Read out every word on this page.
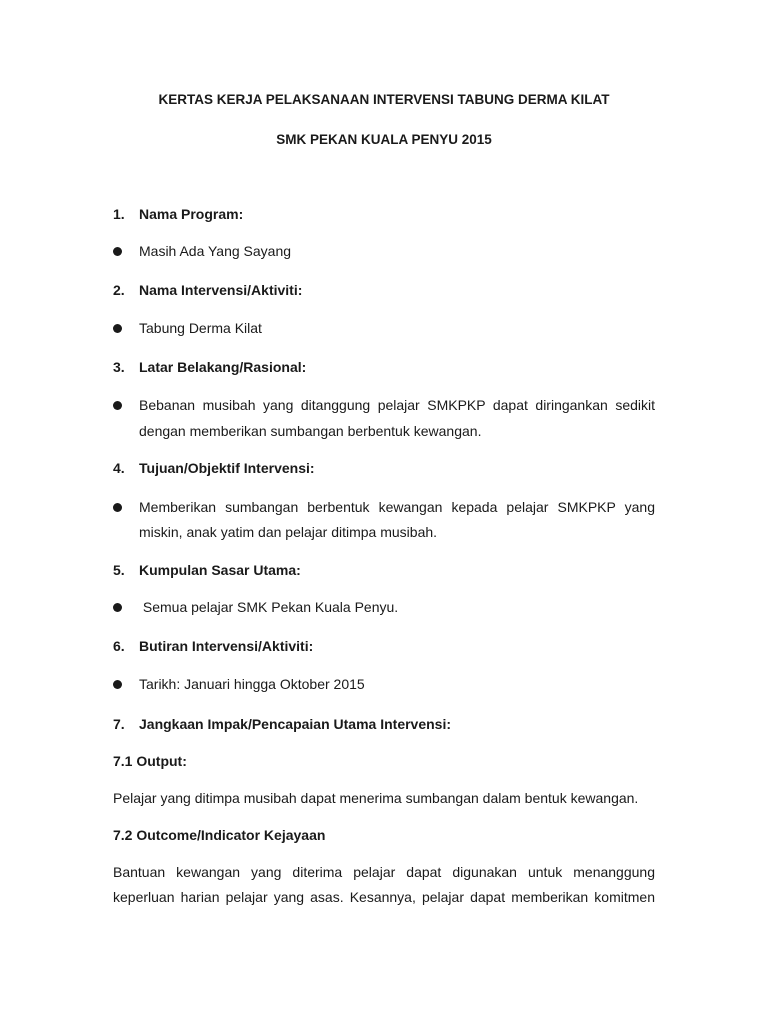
KERTAS KERJA PELAKSANAAN INTERVENSI TABUNG DERMA KILAT
SMK PEKAN KUALA PENYU 2015
1. Nama Program:
Masih Ada Yang Sayang
2. Nama Intervensi/Aktiviti:
Tabung Derma Kilat
3. Latar Belakang/Rasional:
Bebanan musibah yang ditanggung pelajar SMKPKP dapat diringankan sedikit
dengan memberikan sumbangan berbentuk kewangan.
4. Tujuan/Objektif Intervensi:
Memberikan sumbangan berbentuk kewangan kepada pelajar SMKPKP yang
miskin, anak yatim dan pelajar ditimpa musibah.
5. Kumpulan Sasar Utama:
Semua pelajar SMK Pekan Kuala Penyu.
6. Butiran Intervensi/Aktiviti:
Tarikh: Januari hingga Oktober 2015
7. Jangkaan Impak/Pencapaian Utama Intervensi:
7.1 Output:
Pelajar yang ditimpa musibah dapat menerima sumbangan dalam bentuk kewangan.
7.2 Outcome/Indicator Kejayaan
Bantuan kewangan yang diterima pelajar dapat digunakan untuk menanggung
keperluan harian pelajar yang asas. Kesannya, pelajar dapat memberikan komitmen
